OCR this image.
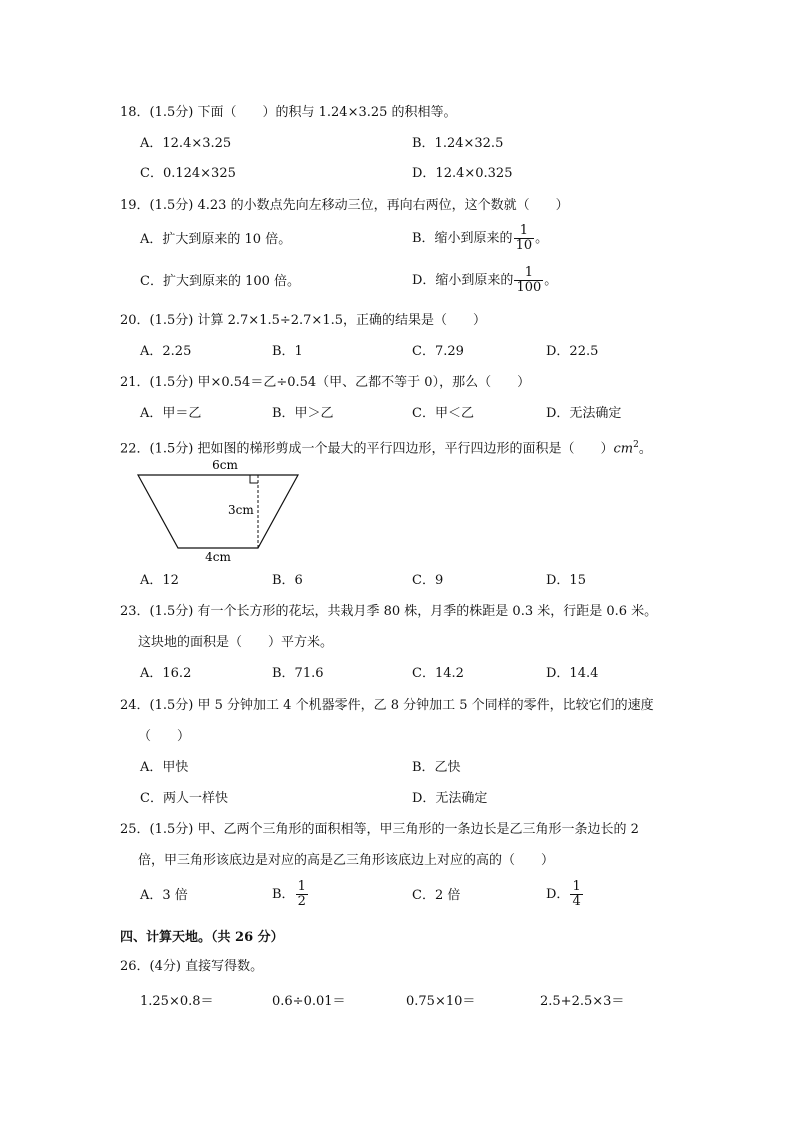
18．(1.5分) 下面（　　）的积与 1.24×3.25 的积相等。
A．12.4×3.25	B．1.24×32.5
C．0.124×325	D．12.4×0.325
19．(1.5分) 4.23 的小数点先向左移动三位，再向右两位，这个数就（　　）
A．扩大到原来的 10 倍。	B．缩小到原来的 $\frac{1}{10}$ 。
C．扩大到原来的 100 倍。	D．缩小到原来的 $\frac{1}{100}$ 。
20．(1.5分) 计算 2.7×1.5÷2.7×1.5，正确的结果是（　　）
A．2.25	B．1	C．7.29	D．22.5
21．(1.5分) 甲×0.54＝乙÷0.54（甲、乙都不等于 0），那么（　　）
A．甲＝乙	B．甲＞乙	C．甲＜乙	D．无法确定
22．(1.5分) 把如图的梯形剪成一个最大的平行四边形，平行四边形的面积是（　　）$cm^2$。
6cm
3cm
4cm
A．12	B．6	C．9	D．15
23．(1.5分) 有一个长方形的花坛，共栽月季 80 株，月季的株距是 0.3 米，行距是 0.6 米。
这块地的面积是（　　）平方米。
A．16.2	B．71.6	C．14.2	D．14.4
24．(1.5分) 甲 5 分钟加工 4 个机器零件，乙 8 分钟加工 5 个同样的零件，比较它们的速度
（　　）
A．甲快	B．乙快
C．两人一样快	D．无法确定
25．(1.5分) 甲、乙两个三角形的面积相等，甲三角形的一条边长是乙三角形一条边长的 2
倍，甲三角形该底边是对应的高是乙三角形该底边上对应的高的（　　）
A．3 倍	B． $\frac{1}{2}$	C．2 倍	D． $\frac{1}{4}$
四、计算天地。（共 26 分）
26．(4分) 直接写得数。
1.25×0.8＝	0.6÷0.01＝	0.75×10＝	2.5+2.5×3＝
